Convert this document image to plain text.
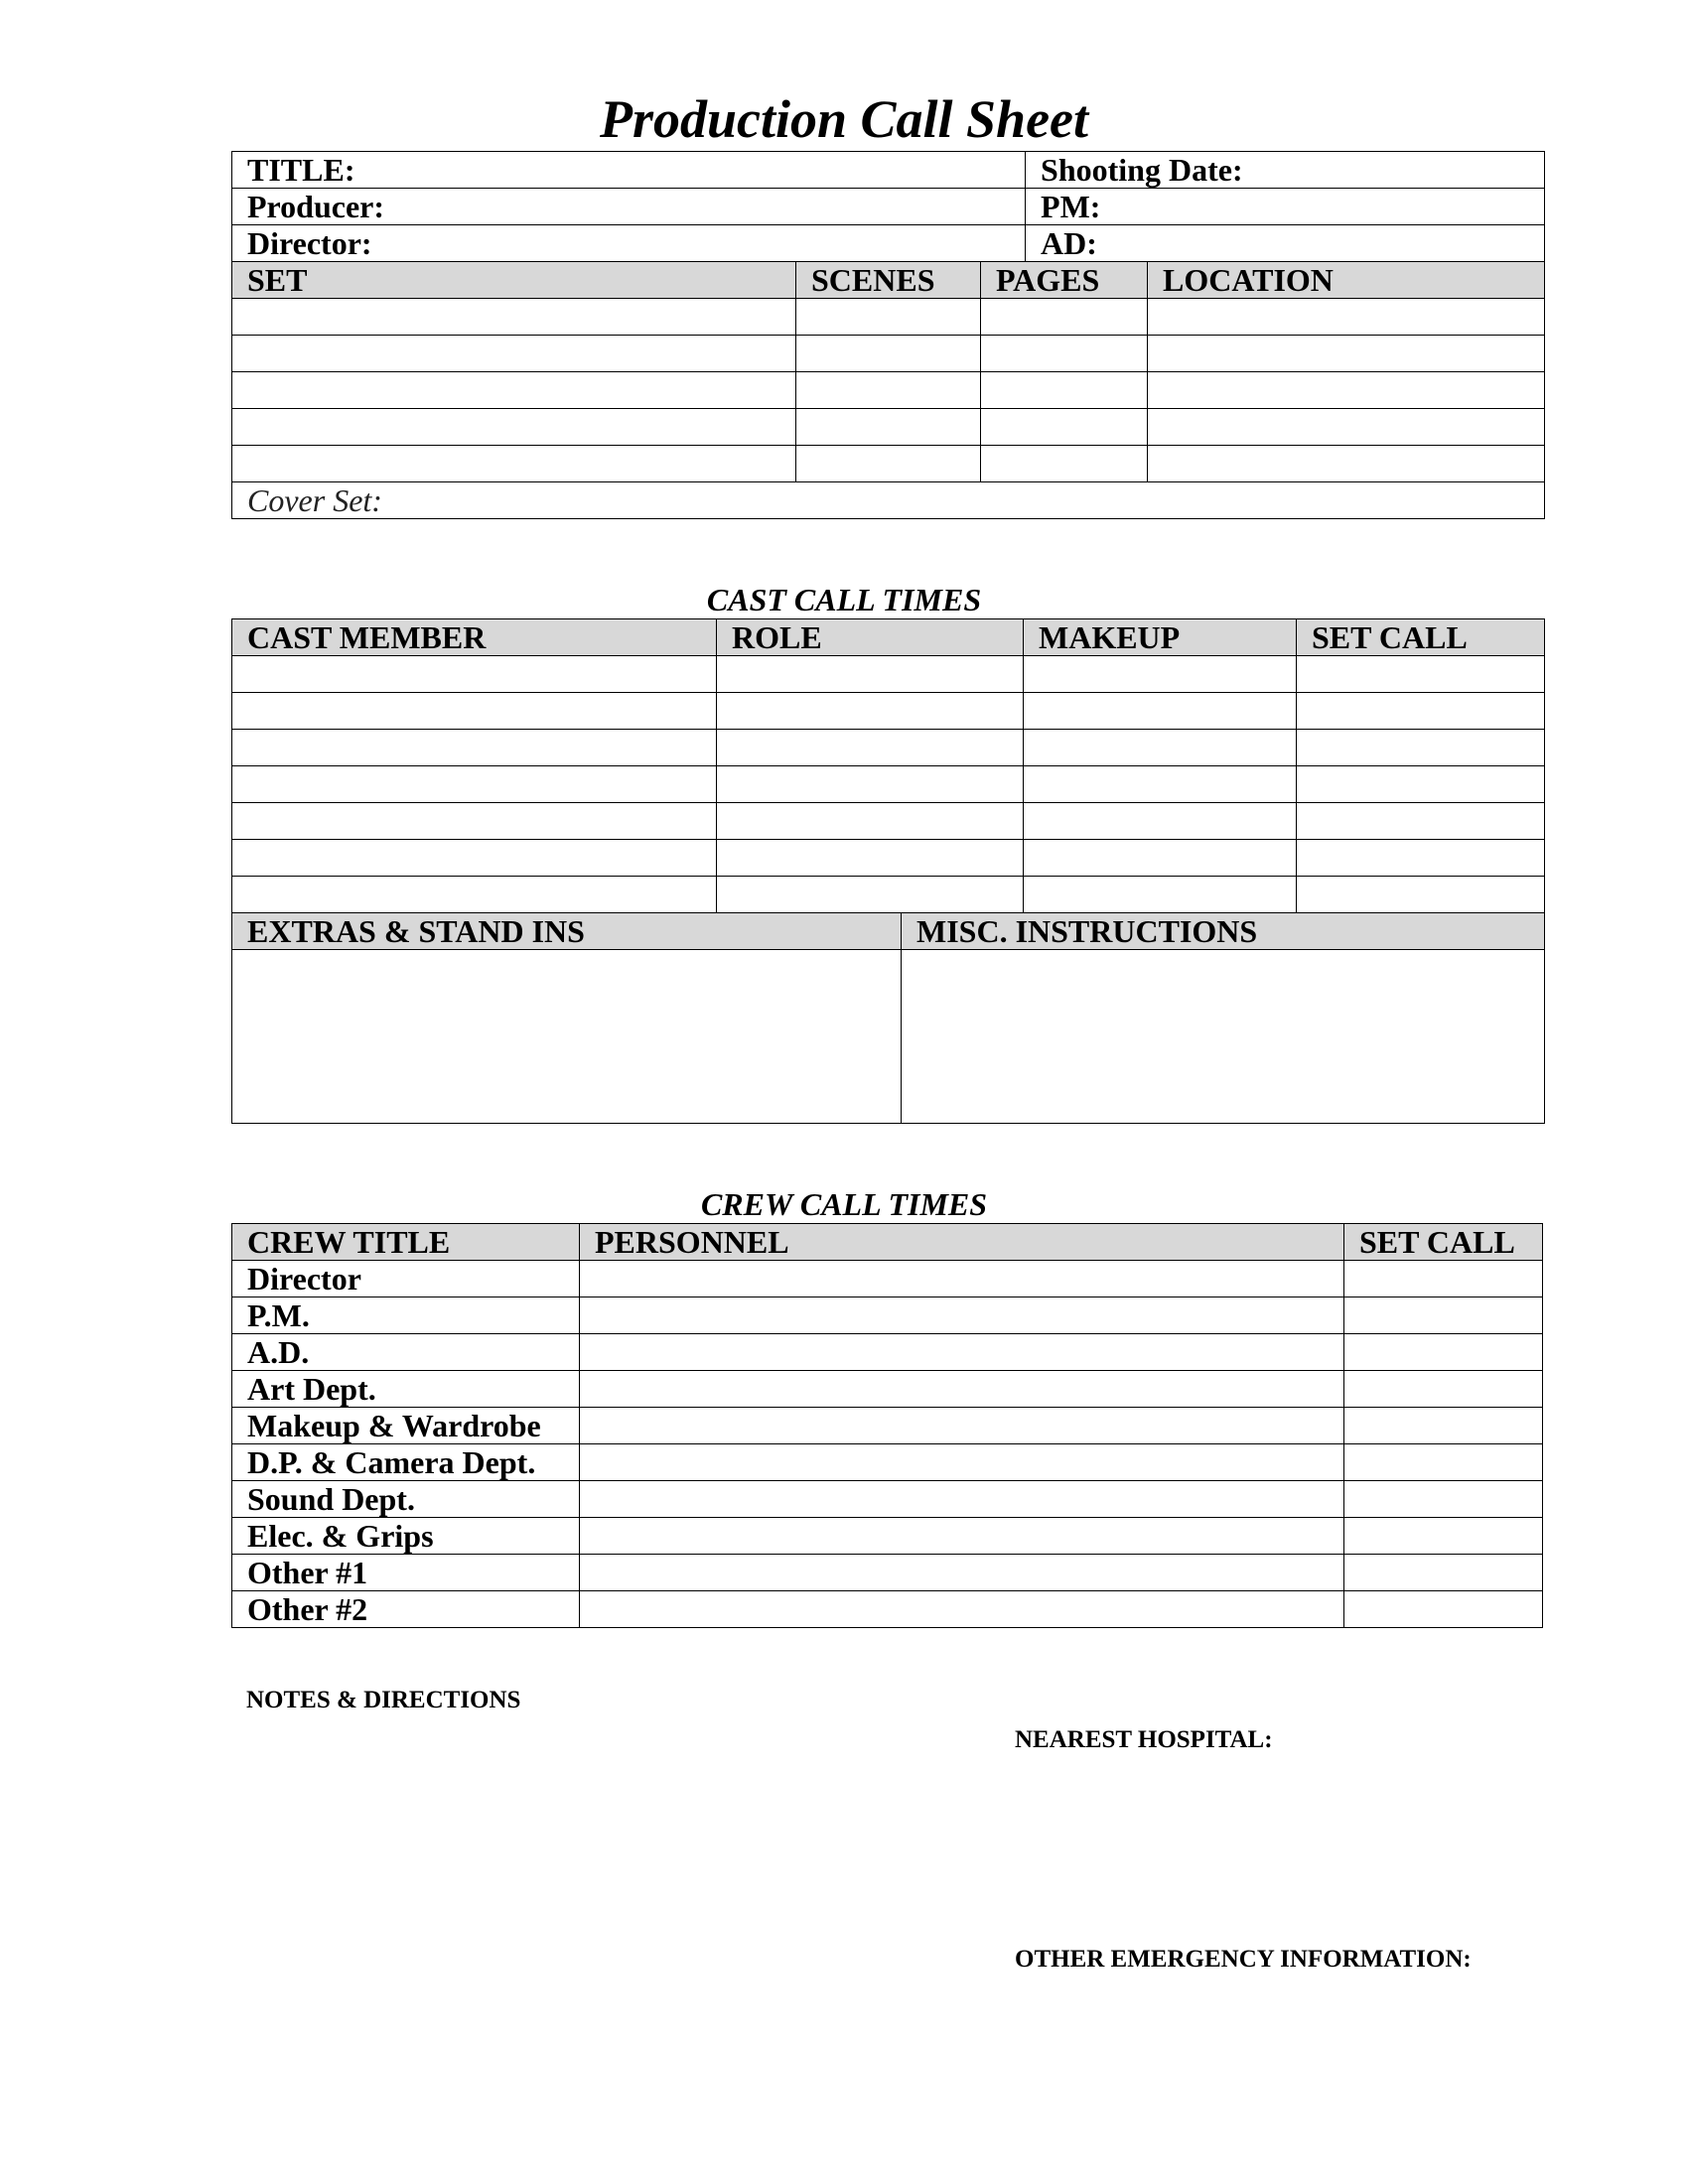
Production Call Sheet
TITLE:			Shooting Date:	
Producer:			PM:	
Director:			AD:	
SET	SCENES	PAGES		LOCATION

Cover Set:				
CAST CALL TIMES
CAST MEMBER	ROLE		MAKEUP	SET CALL

EXTRAS & STAND INS		MISC. INSTRUCTIONS		

CREW CALL TIMES
CREW TITLE	PERSONNEL	SET CALL
Director		
P.M.		
A.D.		
Art Dept.		
Makeup & Wardrobe		
D.P. & Camera Dept.		
Sound Dept.		
Elec. & Grips		
Other #1		
Other #2		
NOTES & DIRECTIONS
NEAREST HOSPITAL:
OTHER EMERGENCY INFORMATION:
